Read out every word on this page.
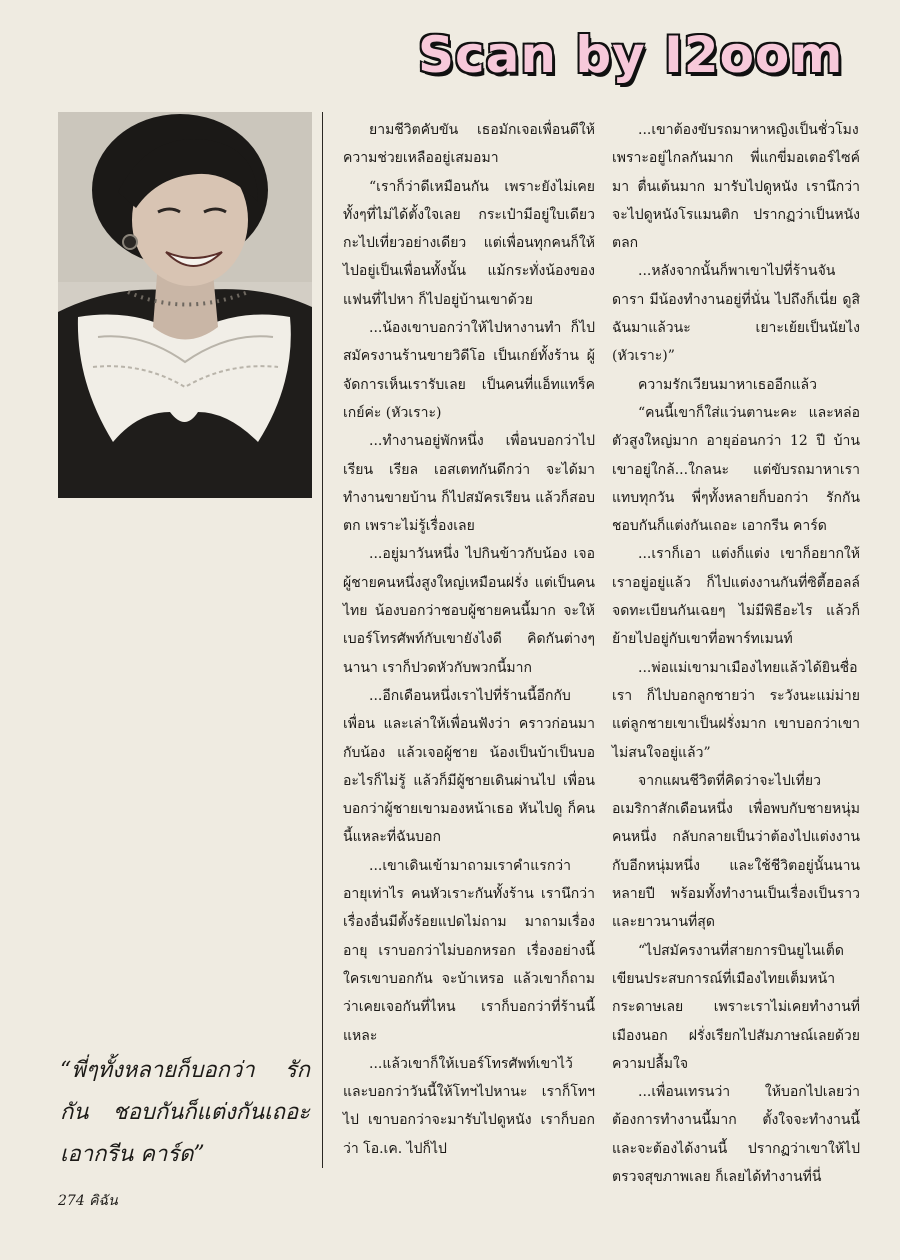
Scan by I2oom

ยามชีวิตคับขัน เธอมักเจอเพื่อนดีให้ความช่วยเหลืออยู่เสมอมา

“เราก็ว่าดีเหมือนกัน เพราะยังไม่เคย ทั้งๆที่ไม่ได้ตั้งใจเลย กระเป๋ามีอยู่ใบเดียว กะไปเที่ยวอย่างเดียว แต่เพื่อนทุกคนก็ให้ไปอยู่เป็นเพื่อนทั้งนั้น แม้กระทั่งน้องของแฟนที่ไปหา ก็ไปอยู่บ้านเขาด้วย

...น้องเขาบอกว่าให้ไปหางานทำ ก็ไปสมัครงานร้านขายวิดีโอ เป็นเกย์ทั้งร้าน ผู้จัดการเห็นเรารับเลย เป็นคนที่แอ็ทแทร็คเกย์ค่ะ (หัวเราะ)

...ทำงานอยู่พักหนึ่ง เพื่อนบอกว่าไปเรียน เรียล เอสเตทกันดีกว่า จะได้มาทำงานขายบ้าน ก็ไปสมัครเรียน แล้วก็สอบตก เพราะไม่รู้เรื่องเลย

...อยู่มาวันหนึ่ง ไปกินข้าวกับน้อง เจอผู้ชายคนหนึ่งสูงใหญ่เหมือนฝรั่ง แต่เป็นคนไทย น้องบอกว่าชอบผู้ชายคนนี้มาก จะให้เบอร์โทรศัพท์กับเขายังไงดี คิดกันต่างๆนานา เราก็ปวดหัวกับพวกนี้มาก

...อีกเดือนหนึ่งเราไปที่ร้านนี้อีกกับเพื่อน และเล่าให้เพื่อนฟังว่า คราวก่อนมากับน้อง แล้วเจอผู้ชาย น้องเป็นบ้าเป็นบออะไรก็ไม่รู้ แล้วก็มีผู้ชายเดินผ่านไป เพื่อนบอกว่าผู้ชายเขามองหน้าเธอ หันไปดู ก็คนนี้แหละที่ฉันบอก

...เขาเดินเข้ามาถามเราคำแรกว่า อายุเท่าไร คนหัวเราะกันทั้งร้าน เรานึกว่าเรื่องอื่นมีตั้งร้อยแปดไม่ถาม มาถามเรื่องอายุ เราบอกว่าไม่บอกหรอก เรื่องอย่างนี้ใครเขาบอกกัน จะบ้าเหรอ แล้วเขาก็ถามว่าเคยเจอกันที่ไหน เราก็บอกว่าที่ร้านนี้แหละ

...แล้วเขาก็ให้เบอร์โทรศัพท์เขาไว้ และบอกว่าวันนี้ให้โทฯไปหานะ เราก็โทฯไป เขาบอกว่าจะมารับไปดูหนัง เราก็บอกว่า โอ.เค. ไปก็ไป

...เขาต้องขับรถมาหาหญิงเป็นชั่วโมงเพราะอยู่ไกลกันมาก พี่แกขี่มอเตอร์ไซค์มา ตื่นเต้นมาก มารับไปดูหนัง เรานึกว่าจะไปดูหนังโรแมนติก ปรากฏว่าเป็นหนังตลก

...หลังจากนั้นก็พาเขาไปที่ร้านจันดารา มีน้องทำงานอยู่ที่นั่น ไปถึงก็เนี่ย ดูสิ ฉันมาแล้วนะ เยาะเย้ยเป็นนัยไง (หัวเราะ)”

ความรักเวียนมาหาเธออีกแล้ว

“คนนี้เขาก็ใส่แว่นตานะคะ และหล่อ ตัวสูงใหญ่มาก อายุอ่อนกว่า 12 ปี บ้านเขาอยู่ใกล้...ใกลนะ แต่ขับรถมาหาเราแทบทุกวัน พี่ๆทั้งหลายก็บอกว่า รักกัน ชอบกันก็แต่งกันเถอะ เอากรีน คาร์ด

...เราก็เอา แต่งก็แต่ง เขาก็อยากให้เราอยู่อยู่แล้ว ก็ไปแต่งงานกันที่ซิตี้ฮอลล์ จดทะเบียนกันเฉยๆ ไม่มีพิธีอะไร แล้วก็ย้ายไปอยู่กับเขาที่อพาร์ทเมนท์

...พ่อแม่เขามาเมืองไทยแล้วได้ยินชื่อเรา ก็ไปบอกลูกชายว่า ระวังนะแม่ม่าย แต่ลูกชายเขาเป็นฝรั่งมาก เขาบอกว่าเขาไม่สนใจอยู่แล้ว”

จากแผนชีวิตที่คิดว่าจะไปเที่ยวอเมริกาสักเดือนหนึ่ง เพื่อพบกับชายหนุ่มคนหนึ่ง กลับกลายเป็นว่าต้องไปแต่งงานกับอีกหนุ่มหนึ่ง และใช้ชีวิตอยู่นั้นนานหลายปี พร้อมทั้งทำงานเป็นเรื่องเป็นราว และยาวนานที่สุด

“ไปสมัครงานที่สายการบินยูไนเต็ด เขียนประสบการณ์ที่เมืองไทยเต็มหน้ากระดาษเลย เพราะเราไม่เคยทำงานที่เมืองนอก ฝรั่งเรียกไปสัมภาษณ์เลยด้วยความปลื้มใจ

...เพื่อนเทรนว่า ให้บอกไปเลยว่าต้องการทำงานนี้มาก ตั้งใจจะทำงานนี้ และจะต้องได้งานนี้ ปรากฏว่าเขาให้ไปตรวจสุขภาพเลย ก็เลยได้ทำงานที่นี่

“พี่ๆทั้งหลายก็บอกว่า รักกัน ชอบกันก็แต่งกันเถอะ เอากรีน คาร์ด”
274 คิฉัน
